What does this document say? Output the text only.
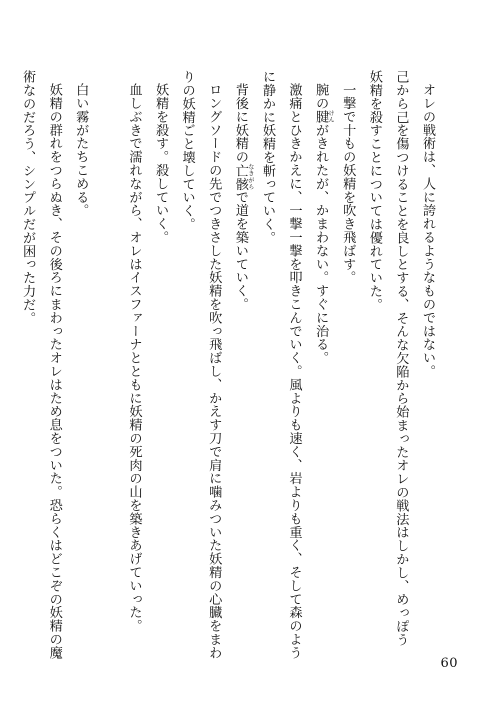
オレの戦術は、人に誇れるようなものではない。
己から己を傷つけることを良しとする、そんな欠陥から始まったオレの戦法はしかし、めっぽう
妖精を殺すことについては優れていた。
一撃で十もの妖精を吹き飛ばす。
腕の腱 けんがきれたが、かまわない。すぐに治る。
激痛とひきかえに、一撃一撃を叩きこんでいく。風よりも速く、岩よりも重く、そして森のよう
に静かに妖精を斬っていく。
背後に妖精の亡骸 なきがらで道を築いていく。
ロングソードの先でつきさした妖精を吹っ飛ばし、かえす刀で肩に噛みついた妖精の心臓をまわ
りの妖精ごと壊していく。
妖精を殺す。殺していく。
血しぶきで濡れながら、オレはイスファーナとともに妖精の死肉の山を築きあげていった。
白い霧がたちこめる。
妖精の群れをつらぬき、その後ろにまわったオレはため息をついた。恐らくはどこぞの妖精の魔
術なのだろう、シンプルだが困った力だ。
60
